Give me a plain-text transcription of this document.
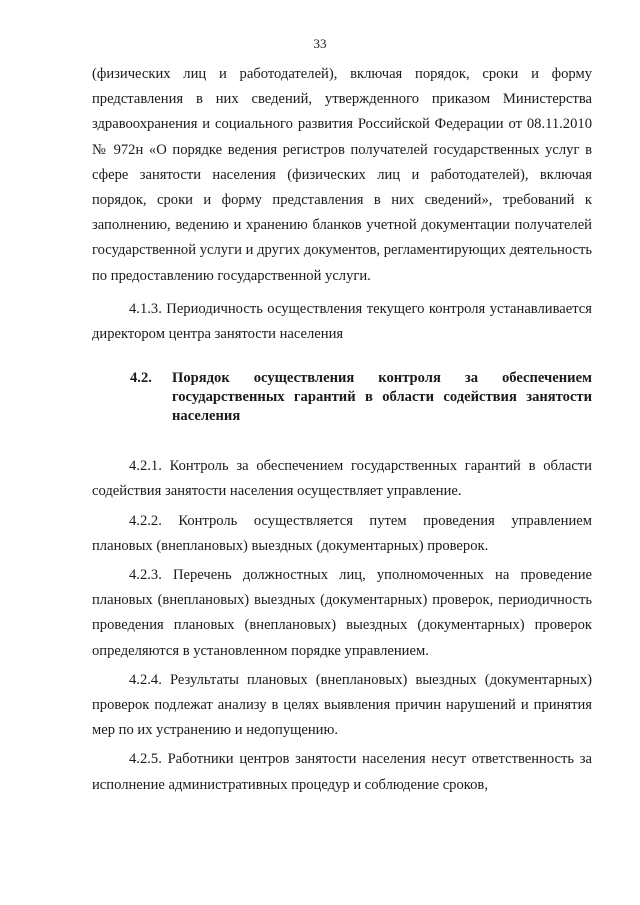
33

(физических лиц и работодателей), включая порядок, сроки и форму представления в них сведений, утвержденного приказом Министерства здравоохранения и социального развития Российской Федерации от 08.11.2010 № 972н «О порядке ведения регистров получателей государственных услуг в сфере занятости населения (физических лиц и работодателей), включая порядок, сроки и форму представления в них сведений», требований к заполнению, ведению и хранению бланков учетной документации получателей государственной услуги и других документов, регламентирующих деятельность по предоставлению государственной услуги.

4.1.3. Периодичность осуществления текущего контроля устанавливается директором центра занятости населения

4.2.	Порядок осуществления контроля за обеспечением государственных гарантий в области содействия занятости населения

4.2.1. Контроль за обеспечением государственных гарантий в области содействия занятости населения осуществляет управление.

4.2.2. Контроль осуществляется путем проведения управлением плановых (внеплановых) выездных (документарных) проверок.

4.2.3. Перечень должностных лиц, уполномоченных на проведение плановых (внеплановых) выездных (документарных) проверок, периодичность проведения плановых (внеплановых) выездных (документарных) проверок определяются в установленном порядке управлением.

4.2.4. Результаты плановых (внеплановых) выездных (документарных) проверок подлежат анализу в целях выявления причин нарушений и принятия мер по их устранению и недопущению.

4.2.5. Работники центров занятости населения несут ответственность за исполнение административных процедур и соблюдение сроков,
